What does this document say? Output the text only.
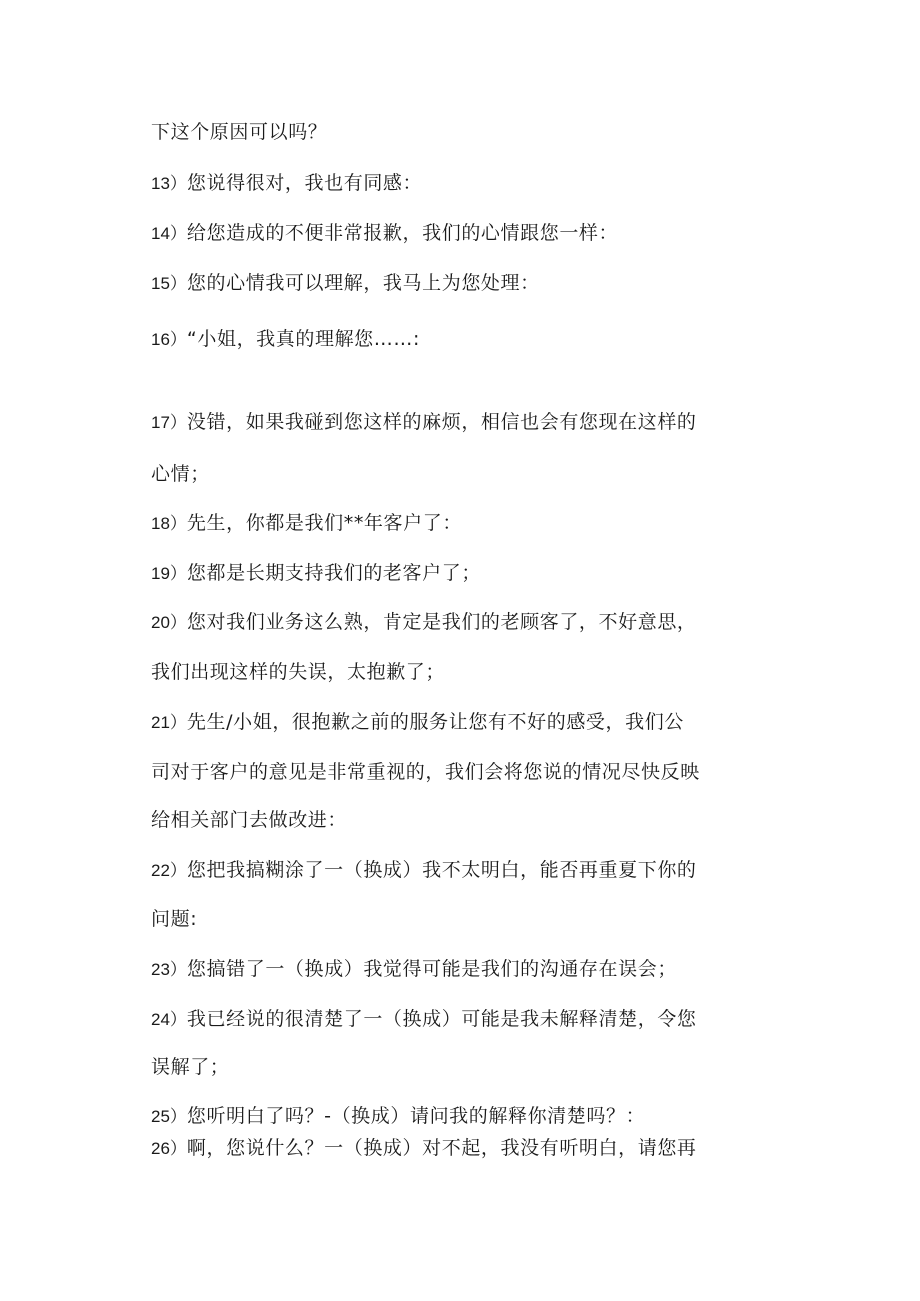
下这个原因可以吗？
13）您说得很对，我也有同感：
14）给您造成的不便非常报歉，我们的心情跟您一样：
15）您的心情我可以理解，我马上为您处理：
16）“小姐，我真的理解您……:
17）没错，如果我碰到您这样的麻烦，相信也会有您现在这样的
心情；
18）先生，你都是我们**年客户了：
19）您都是长期支持我们的老客户了；
20）您对我们业务这么熟，肯定是我们的老顾客了，不好意思，
我们出现这样的失误，太抱歉了；
21）先生/小姐，很抱歉之前的服务让您有不好的感受，我们公
司对于客户的意见是非常重视的，我们会将您说的情况尽快反映
给相关部门去做改进：
22）您把我搞糊涂了一（换成）我不太明白，能否再重夏下你的
问题:
23）您搞错了一（换成）我觉得可能是我们的沟通存在误会；
24）我已经说的很清楚了一（换成）可能是我未解释清楚，令您
误解了；
25）您听明白了吗？-（换成）请问我的解释你清楚吗？：
26）啊，您说什么？一（换成）对不起，我没有听明白，请您再
